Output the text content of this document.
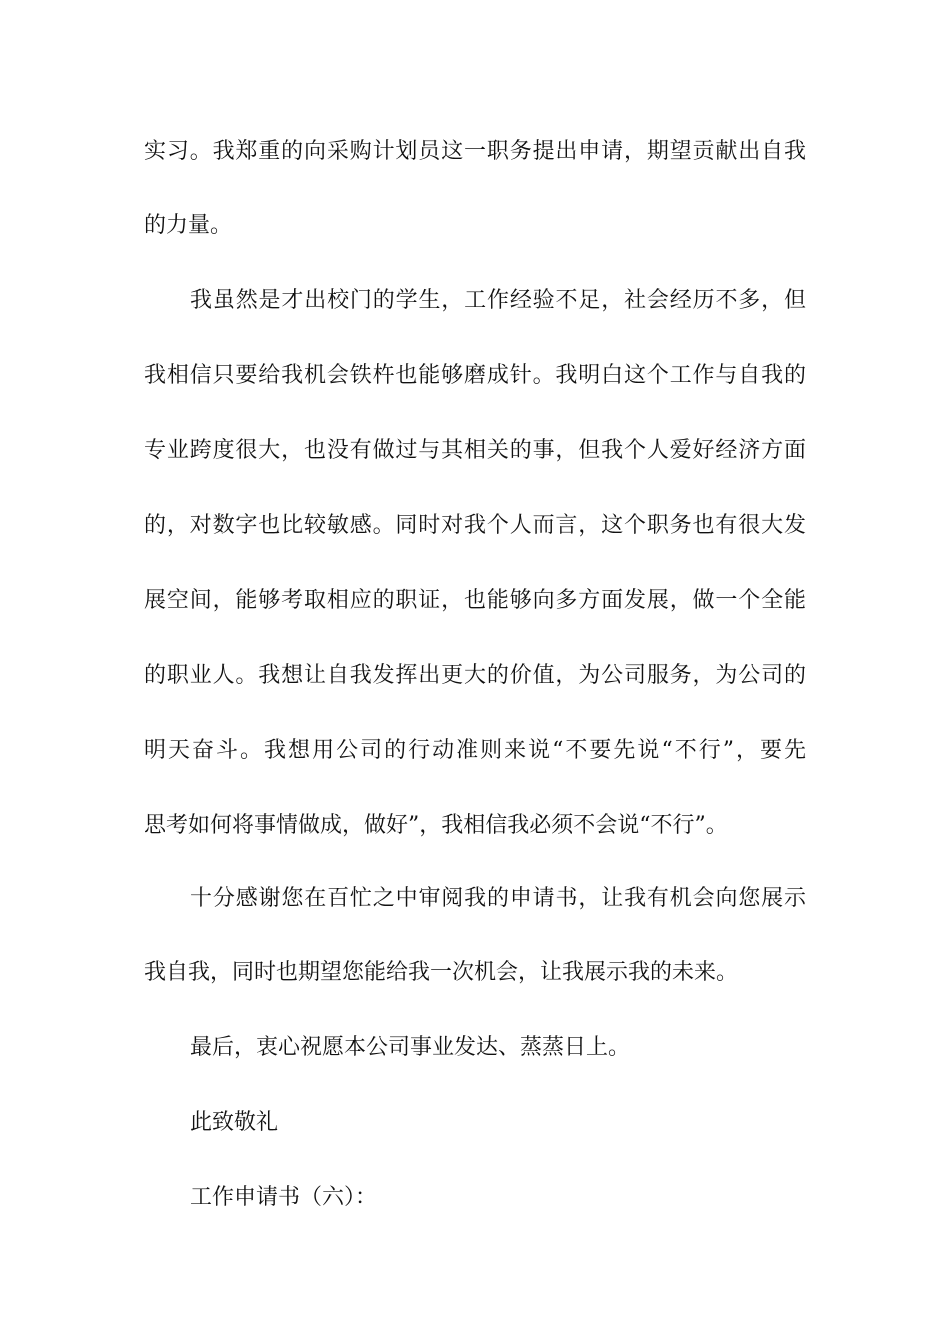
实习。我郑重的向采购计划员这一职务提出申请，期望贡献出自我
的力量。
我虽然是才出校门的学生，工作经验不足，社会经历不多，但
我相信只要给我机会铁杵也能够磨成针。我明白这个工作与自我的
专业跨度很大，也没有做过与其相关的事，但我个人爱好经济方面
的，对数字也比较敏感。同时对我个人而言，这个职务也有很大发
展空间，能够考取相应的职证，也能够向多方面发展，做一个全能
的职业人。我想让自我发挥出更大的价值，为公司服务，为公司的
明天奋斗。我想用公司的行动准则来说“不要先说“不行”，要先
思考如何将事情做成，做好”，我相信我必须不会说“不行”。
十分感谢您在百忙之中审阅我的申请书，让我有机会向您展示
我自我，同时也期望您能给我一次机会，让我展示我的未来。
最后，衷心祝愿本公司事业发达、蒸蒸日上。
此致敬礼
工作申请书（六）：
